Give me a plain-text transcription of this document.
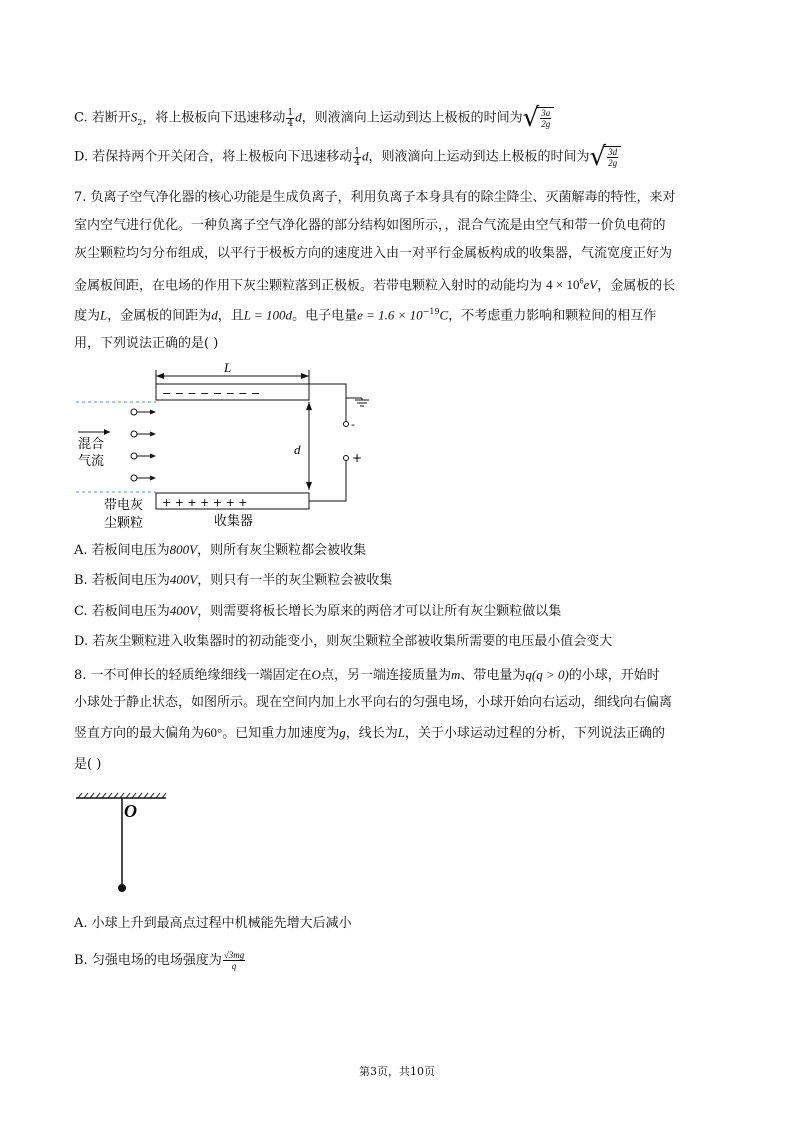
C. 若断开$S_2$，将上极板向下迅速移动 $\frac{1}{4}$ d，则液滴向上运动到达上极板的时间为√ $\frac{3a}{2g}$
D. 若保持两个开关闭合，将上极板向下迅速移动 $\frac{1}{4}$ d，则液滴向上运动到达上极板的时间为√ $\frac{3d}{2g}$
7. 负离子空气净化器的核心功能是生成负离子，利用负离子本身具有的除尘降尘、灭菌解毒的特性，来对
室内空气进行优化。一种负离子空气净化器的部分结构如图所示，，混合气流是由空气和带一价负电荷的
灰尘颗粒均匀分布组成，以平行于极板方向的速度进入由一对平行金属板构成的收集器，气流宽度正好为
金属板间距，在电场的作用下灰尘颗粒落到正极板。若带电颗粒入射时的动能均为 $4 \times 10^6eV$，金属板的长
度为L，金属板的间距为d，且L = 100d。电子电量$e = 1.6 \times 10^{-19}C$，不考虑重力影响和颗粒间的相互作
用，下列说法正确的是( )
L
− − − − − − − −
+ + + + + + +
d
-
+
混合
气流
带电灰
尘颗粒	收集器
A. 若板间电压为800V，则所有灰尘颗粒都会被收集
B. 若板间电压为400V，则只有一半的灰尘颗粒会被收集
C. 若板间电压为400V，则需要将板长增长为原来的两倍才可以让所有灰尘颗粒做以集
D. 若灰尘颗粒进入收集器时的初动能变小，则灰尘颗粒全部被收集所需要的电压最小值会变大
8. 一不可伸长的轻质绝缘细线一端固定在O点，另一端连接质量为m、带电量为q(q > 0)的小球，开始时
小球处于静止状态，如图所示。现在空间内加上水平向右的匀强电场，小球开始向右运动，细线向右偏离
竖直方向的最大偏角为60°。已知重力加速度为g，线长为L，关于小球运动过程的分析，下列说法正确的
是( )
O
A. 小球上升到最高点过程中机械能先增大后减小
B. 匀强电场的电场强度为 $\frac{√3mg}{q}$
第3页，共10页
